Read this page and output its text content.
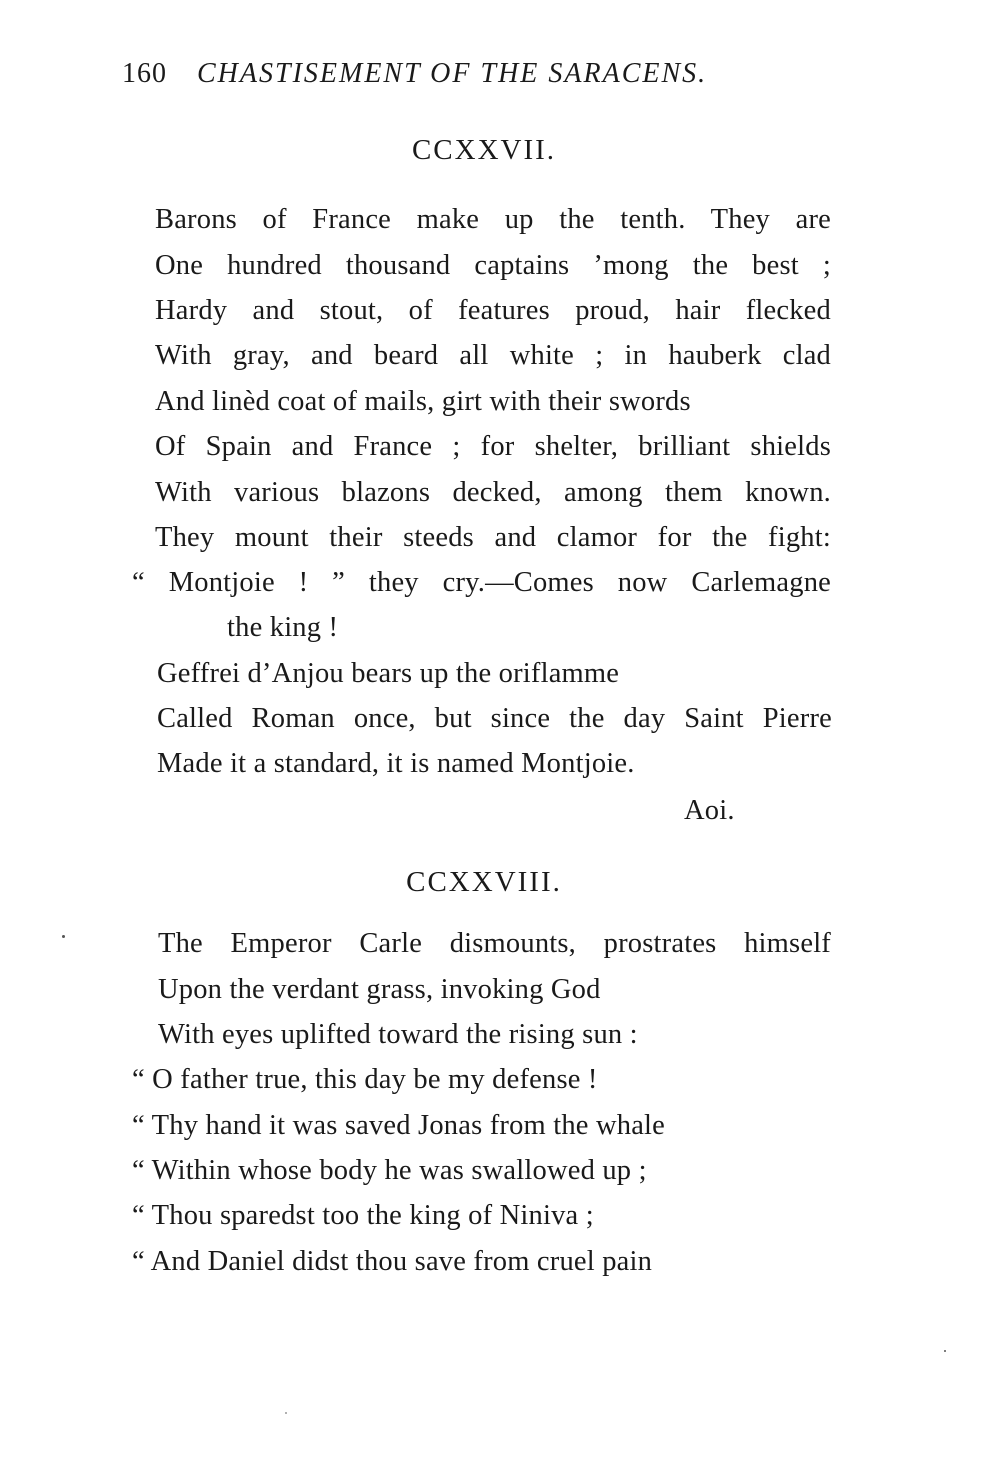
160 CHASTISEMENT OF THE SARACENS.
CCXXVII.
Barons of France make up the tenth. They are
One hundred thousand captains ’mong the best ;
Hardy and stout, of features proud, hair flecked
With gray, and beard all white ; in hauberk clad
And linèd coat of mails, girt with their swords
Of Spain and France ; for shelter, brilliant shields
With various blazons decked, among them known.
They mount their steeds and clamor for the fight:
“ Montjoie ! ” they cry.—Comes now Carlemagne
the king !
Geffrei d’Anjou bears up the oriflamme
Called Roman once, but since the day Saint Pierre
Made it a standard, it is named Montjoie.
Aoi.
CCXXVIII.
The Emperor Carle dismounts, prostrates himself
Upon the verdant grass, invoking God
With eyes uplifted toward the rising sun :
“ O father true, this day be my defense !
“ Thy hand it was saved Jonas from the whale
“ Within whose body he was swallowed up ;
“ Thou sparedst too the king of Niniva ;
“ And Daniel didst thou save from cruel pain
